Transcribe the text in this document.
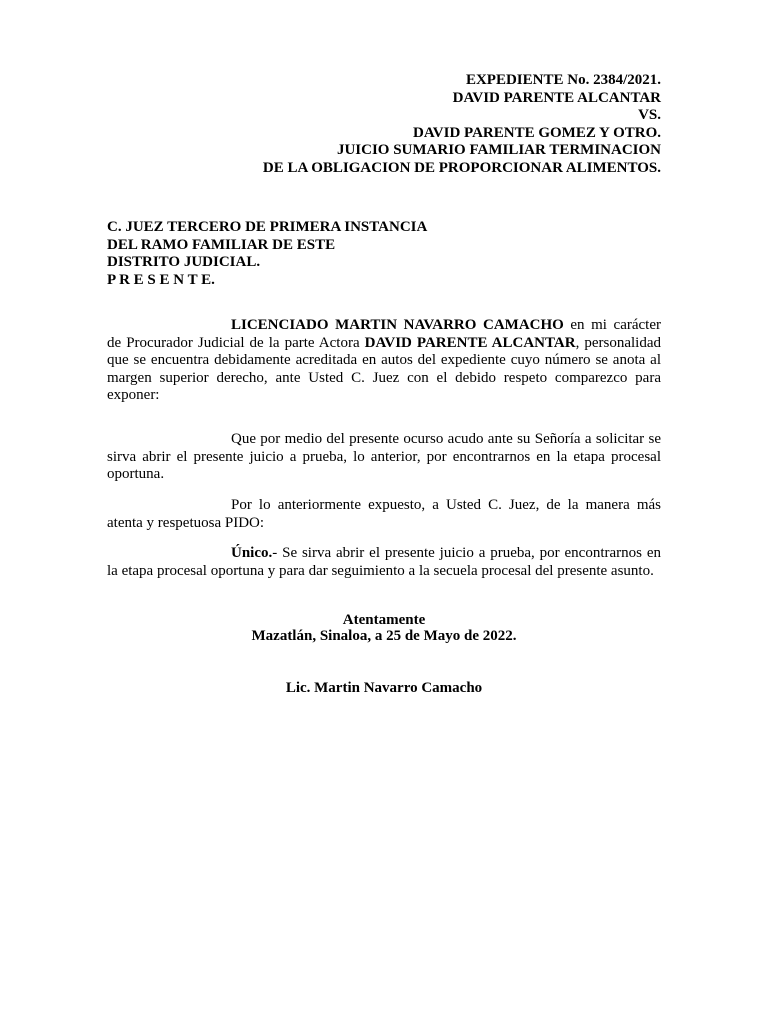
EXPEDIENTE No. 2384/2021.
DAVID PARENTE ALCANTAR
VS.
DAVID PARENTE GOMEZ Y OTRO.
JUICIO SUMARIO FAMILIAR TERMINACION
DE LA OBLIGACION DE PROPORCIONAR ALIMENTOS.
C. JUEZ TERCERO DE PRIMERA INSTANCIA
DEL RAMO FAMILIAR DE ESTE
DISTRITO JUDICIAL.
P R E S E N T E.
LICENCIADO MARTIN NAVARRO CAMACHO en mi carácter de Procurador Judicial de la parte Actora DAVID PARENTE ALCANTAR, personalidad que se encuentra debidamente acreditada en autos del expediente cuyo número se anota al margen superior derecho, ante Usted C. Juez con el debido respeto comparezco para exponer:
Que por medio del presente ocurso acudo ante su Señoría a solicitar se sirva abrir el presente juicio a prueba, lo anterior, por encontrarnos en la etapa procesal oportuna.
Por lo anteriormente expuesto, a Usted C. Juez, de la manera más atenta y respetuosa PIDO:
Único.- Se sirva abrir el presente juicio a prueba, por encontrarnos en la etapa procesal oportuna y para dar seguimiento a la secuela procesal del presente asunto.
Atentamente
Mazatlán, Sinaloa, a 25 de Mayo de 2022.
Lic. Martin Navarro Camacho
